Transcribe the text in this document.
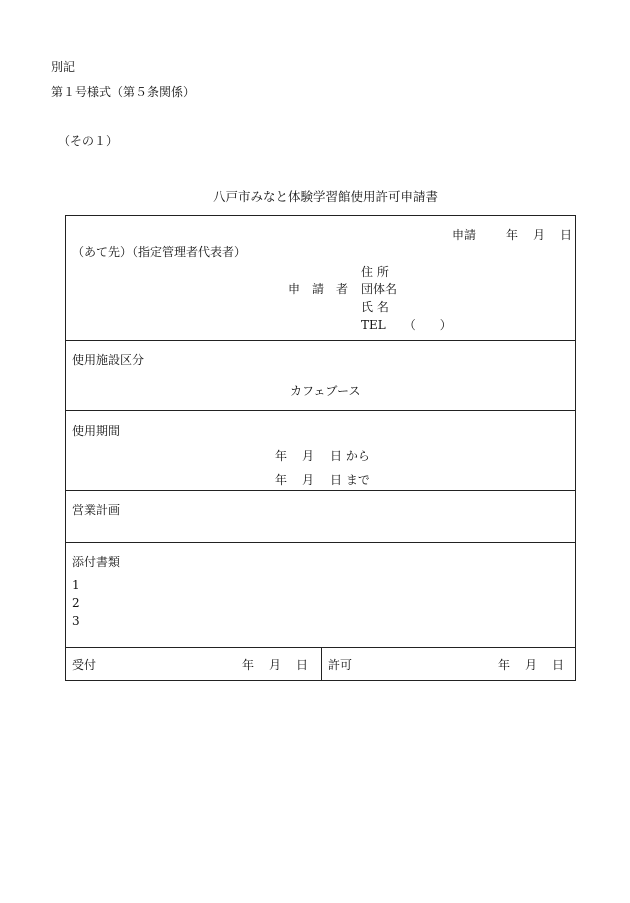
別記
第１号様式（第５条関係）
（その１）
八戸市みなと体験学習館使用許可申請書
申請 年 月 日
（あて先）（指定管理者代表者）
申　請　者
住 所
団体名
氏 名
TEL　　（　　）
使用施設区分
カフェブース
使用期間
年 月 日 から
年 月 日 まで
営業計画
添付書類
1
2
3
受付	年 月 日 許可	年 月 日
